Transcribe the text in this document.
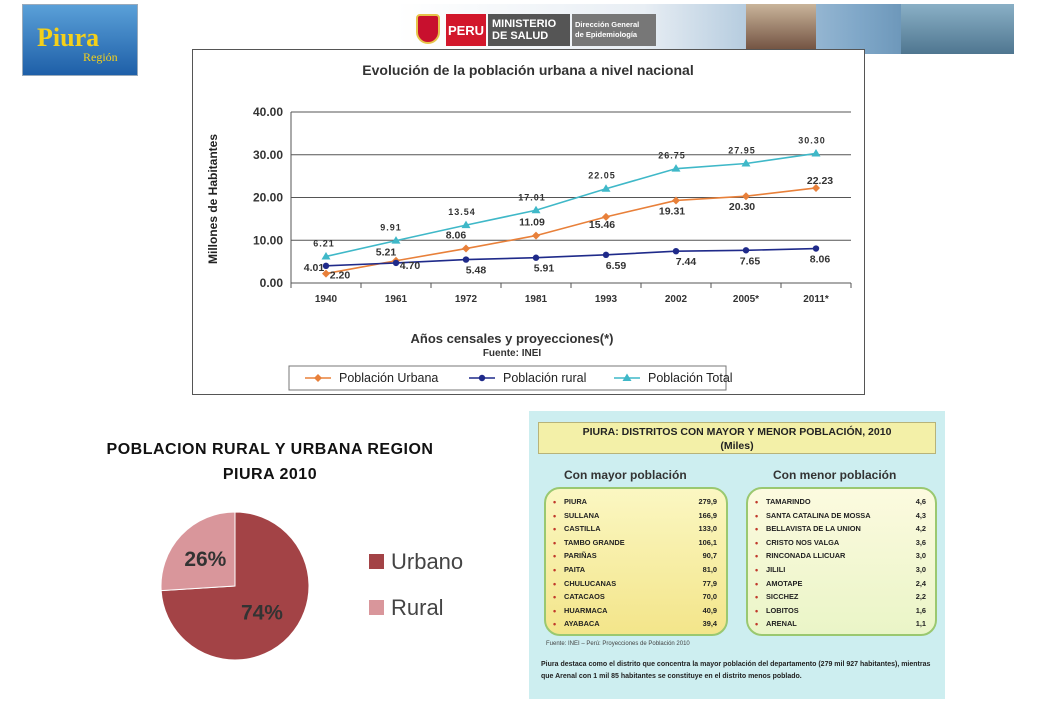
Piura
Región
PERU MINISTERIO
DE SALUD
Dirección General
de Epidemiología
Evolución de la población urbana a nivel nacional
Millones de Habitantes
Años censales y proyecciones(*)
Fuente: INEI
0.00
10.00
20.00
30.00
40.00
1940	1961	1972	1981	1993	2002	2005*	2011*
2.20
5.21
8.06
11.09	15.46
19.31	20.30
22.23
4.01	4.70	5.48	5.91	6.59	7.44	7.65	8.06
6.21
9.91
13.54
17.01
22.05
26.75
27.95
30.30
Población Urbana	Población rural	Población Total
POBLACION RURAL Y URBANA REGION
PIURA 2010
74%
26%	Urbano
Rural
PIURA: DISTRITOS CON MAYOR Y MENOR POBLACIÓN, 2010
(Miles)
Con mayor población	Con menor población
•	PIURA	279,9
•	SULLANA	166,9
•	CASTILLA	133,0
•	TAMBO GRANDE	106,1
•	PARIÑAS	90,7
•	PAITA	81,0
•	CHULUCANAS	77,9
•	CATACAOS	70,0
•	HUARMACA	40,9
•	AYABACA	39,4
•	TAMARINDO	4,6
•	SANTA CATALINA DE MOSSA	4,3
•	BELLAVISTA DE LA UNION	4,2
•	CRISTO NOS VALGA	3,6
•	RINCONADA LLICUAR	3,0
•	JILILI	3,0
•	AMOTAPE	2,4
•	SICCHEZ	2,2
•	LOBITOS	1,6
•	ARENAL	1,1
Fuente: INEI – Perú: Proyecciones de Población 2010
Piura destaca como el distrito que concentra la mayor población del departamento (279 mil 927 habitantes), mientras que Arenal con 1 mil 85 habitantes se constituye en el distrito menos poblado.
